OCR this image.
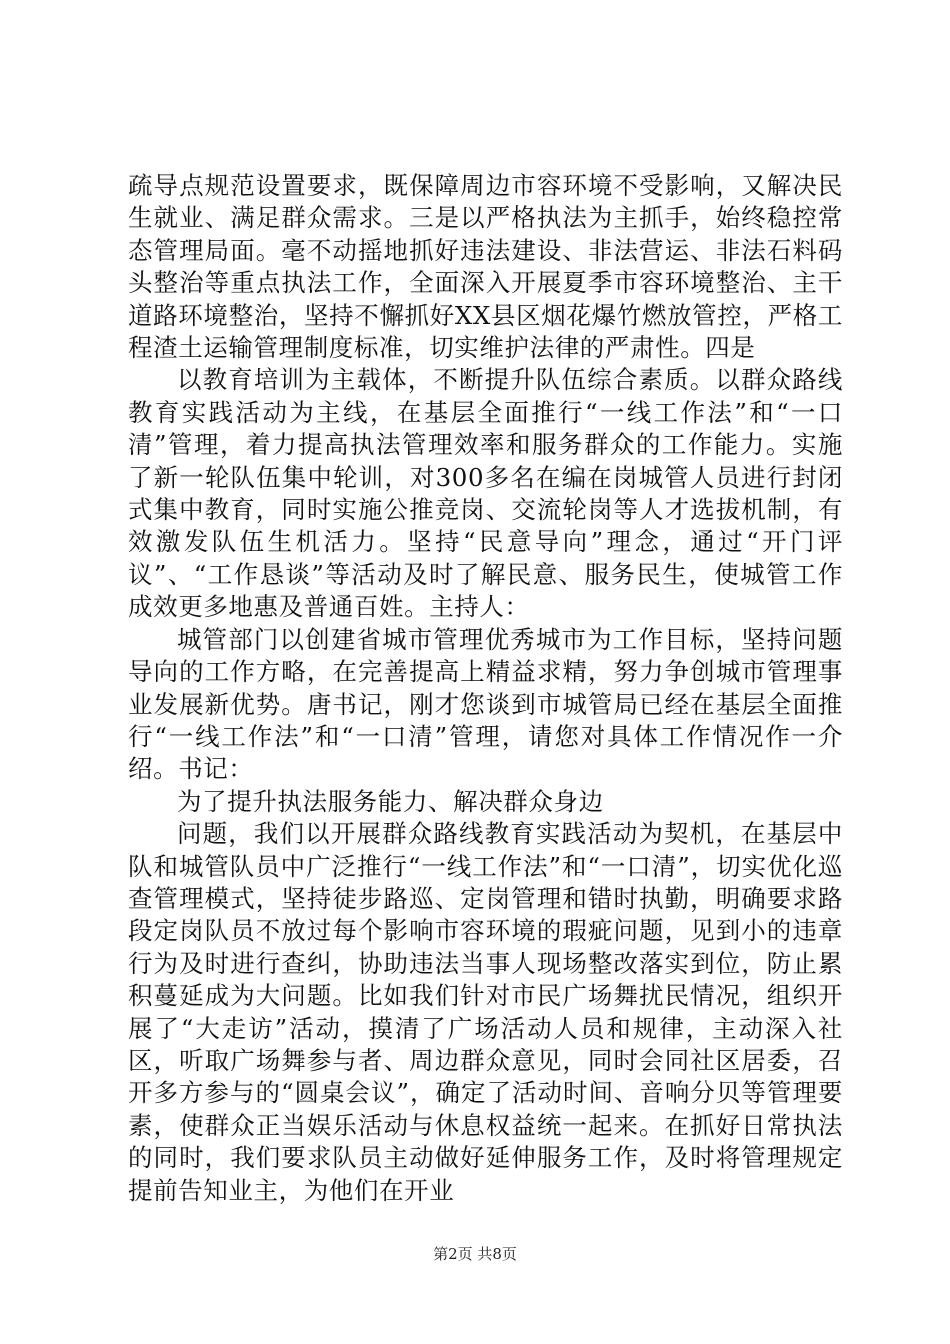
疏导点规范设置要求，既保障周边市容环境不受影响，又解决民生就业、满足群众需求。三是以严格执法为主抓手，始终稳控常态管理局面。毫不动摇地抓好违法建设、非法营运、非法石料码头整治等重点执法工作，全面深入开展夏季市容环境整治、主干道路环境整治，坚持不懈抓好XX县区烟花爆竹燃放管控，严格工程渣土运输管理制度标准，切实维护法律的严肃性。四是

以教育培训为主载体，不断提升队伍综合素质。以群众路线教育实践活动为主线，在基层全面推行“一线工作法”和“一口清”管理，着力提高执法管理效率和服务群众的工作能力。实施了新一轮队伍集中轮训，对300多名在编在岗城管人员进行封闭式集中教育，同时实施公推竞岗、交流轮岗等人才选拔机制，有效激发队伍生机活力。坚持“民意导向”理念，通过“开门评议”、“工作恳谈”等活动及时了解民意、服务民生，使城管工作成效更多地惠及普通百姓。主持人：

城管部门以创建省城市管理优秀城市为工作目标，坚持问题导向的工作方略，在完善提高上精益求精，努力争创城市管理事业发展新优势。唐书记，刚才您谈到市城管局已经在基层全面推行“一线工作法”和“一口清”管理，请您对具体工作情况作一介绍。书记：

为了提升执法服务能力、解决群众身边

问题，我们以开展群众路线教育实践活动为契机，在基层中队和城管队员中广泛推行“一线工作法”和“一口清”，切实优化巡查管理模式，坚持徒步路巡、定岗管理和错时执勤，明确要求路段定岗队员不放过每个影响市容环境的瑕疵问题，见到小的违章行为及时进行查纠，协助违法当事人现场整改落实到位，防止累积蔓延成为大问题。比如我们针对市民广场舞扰民情况，组织开展了“大走访”活动，摸清了广场活动人员和规律，主动深入社区，听取广场舞参与者、周边群众意见，同时会同社区居委，召开多方参与的“圆桌会议”，确定了活动时间、音响分贝等管理要素，使群众正当娱乐活动与休息权益统一起来。在抓好日常执法的同时，我们要求队员主动做好延伸服务工作，及时将管理规定提前告知业主，为他们在开业

第2页 共8页
